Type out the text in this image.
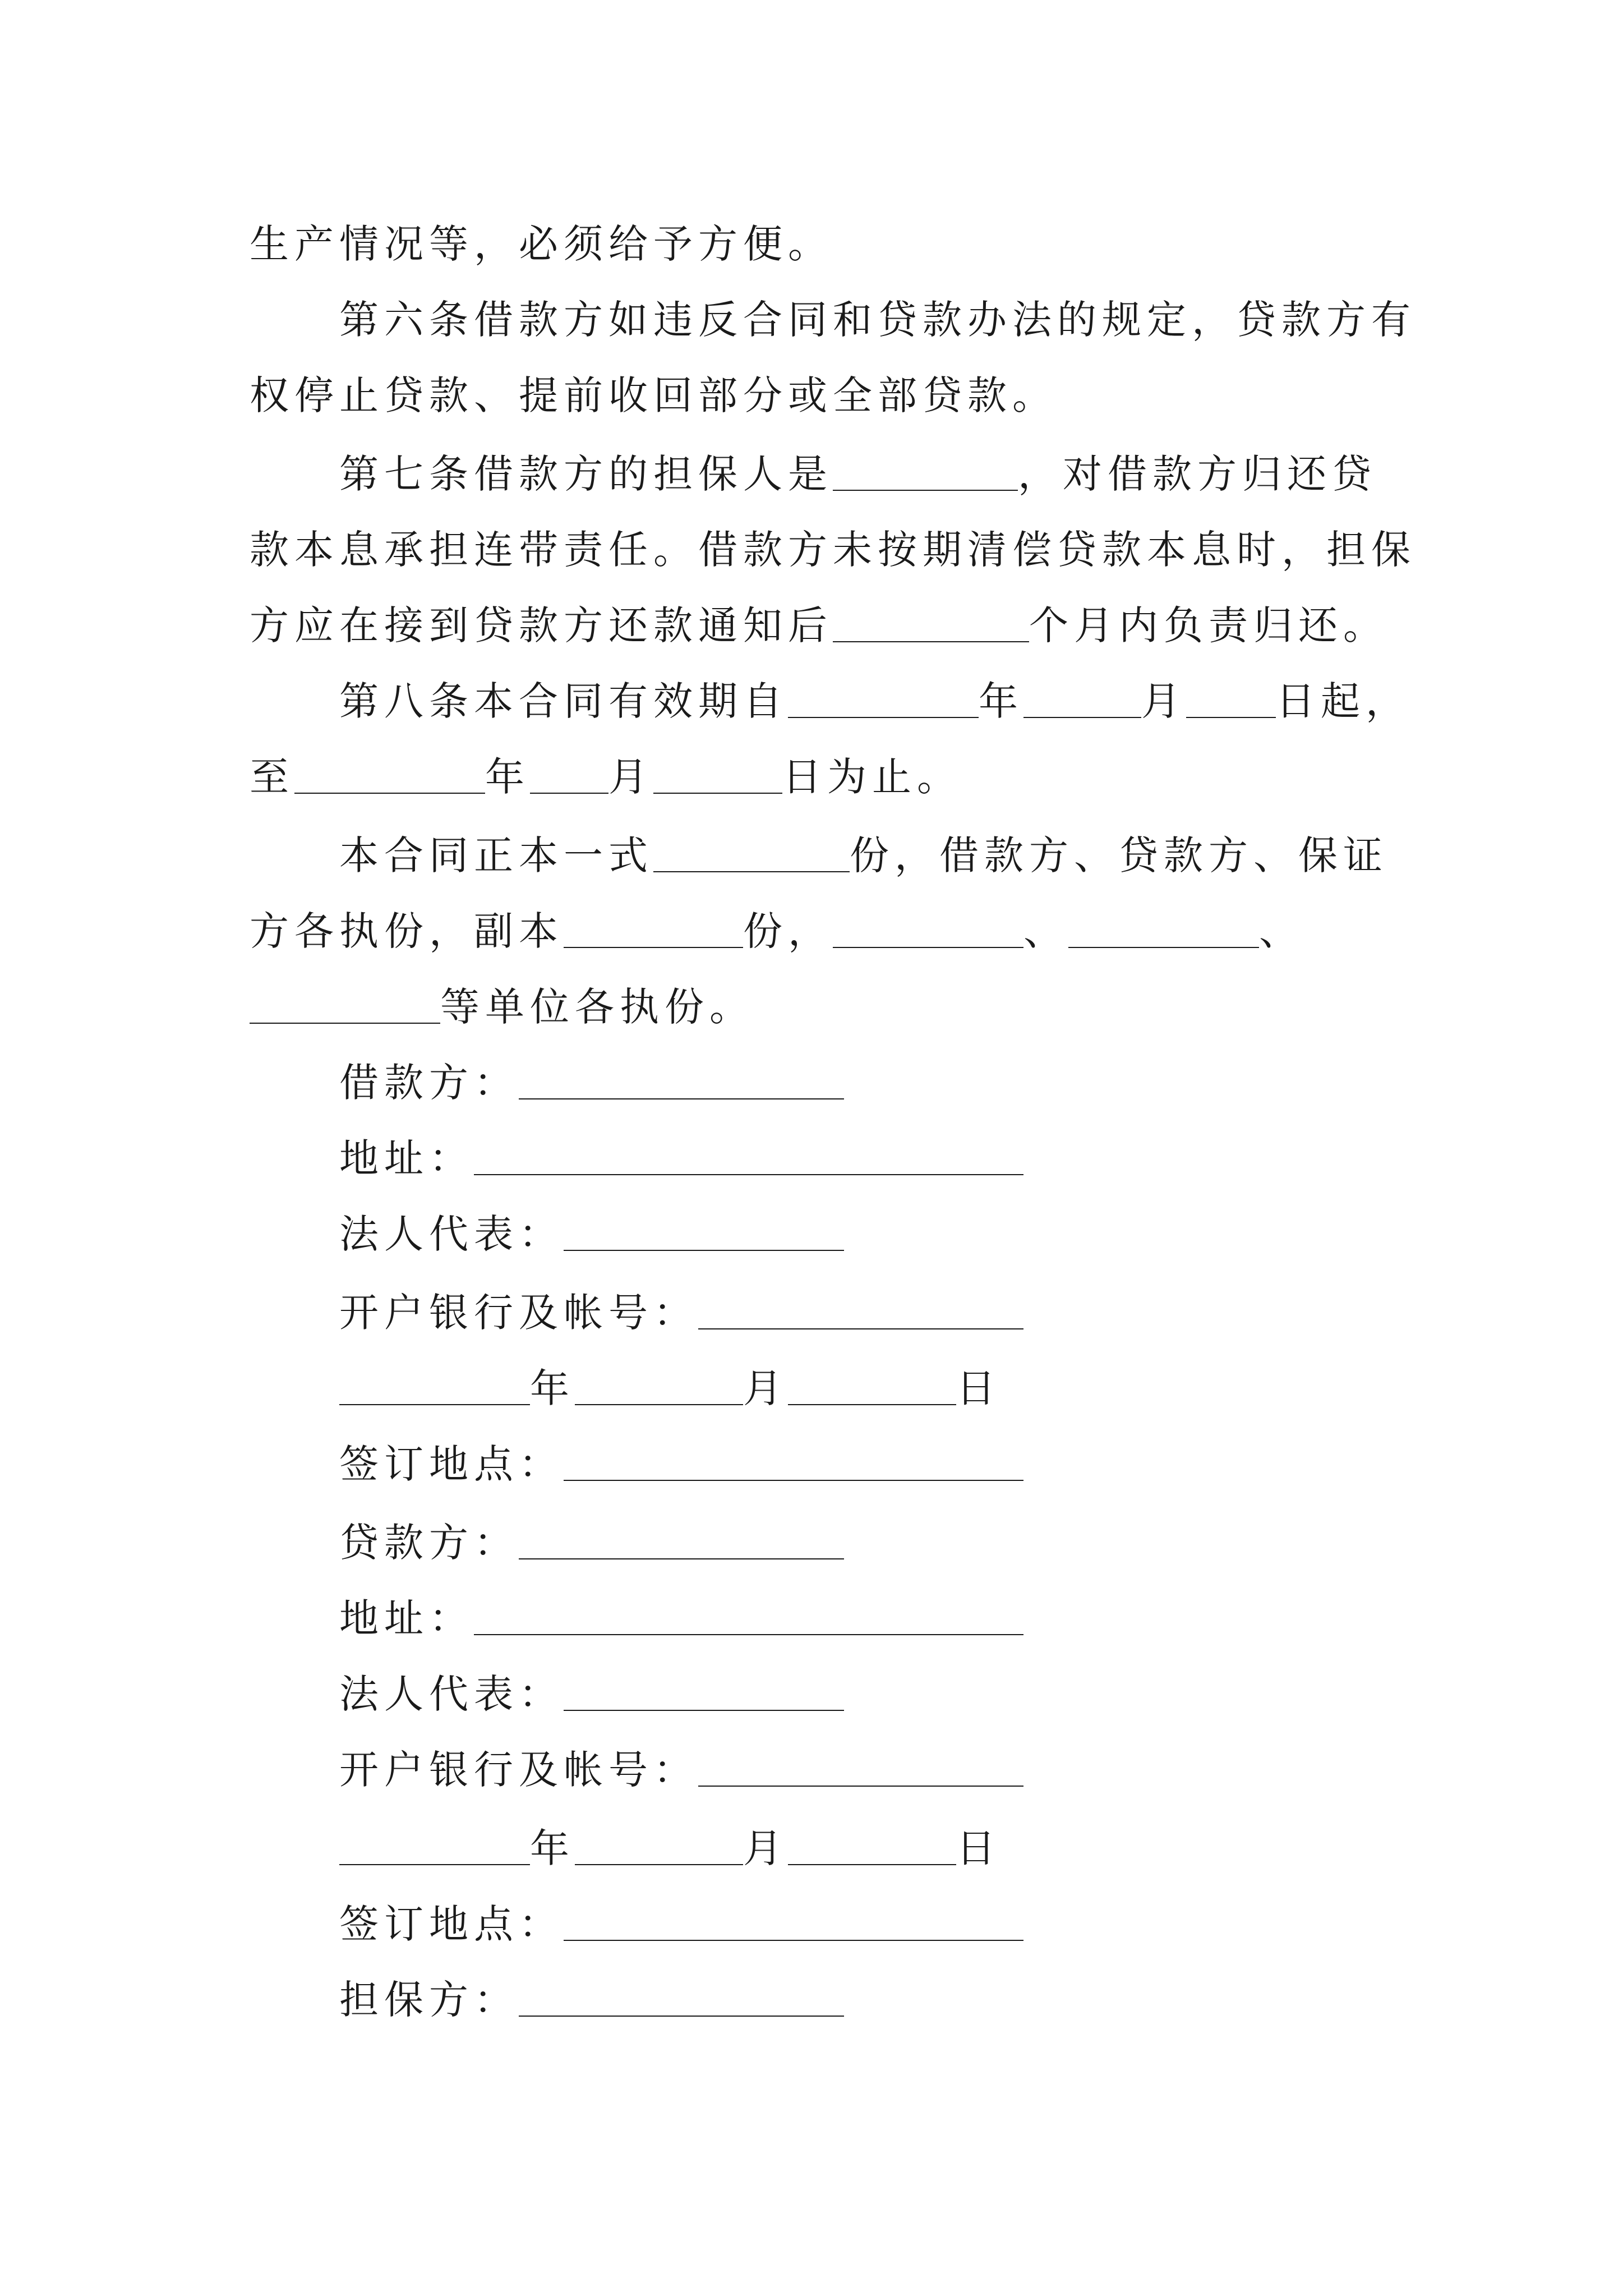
生产情况等，必须给予方便。

第六条借款方如违反合同和贷款办法的规定，贷款方有

权停止贷款、提前收回部分或全部贷款。

第七条借款方的担保人是	，对借款方归还贷

款本息承担连带责任。借款方未按期清偿贷款本息时，担保

方应在接到贷款方还款通知后	个月内负责归还。

第八条本合同有效期自	年	月 日起，

至	年 月	日为止。

本合同正本一式	份，借款方、贷款方、保证

方各执份，副本	份，	、	、

等单位各执份。

借款方：

地址：

法人代表：

开户银行及帐号：

年	月	日

签订地点：

贷款方：

地址：

法人代表：

开户银行及帐号：

年	月	日

签订地点：

担保方：
